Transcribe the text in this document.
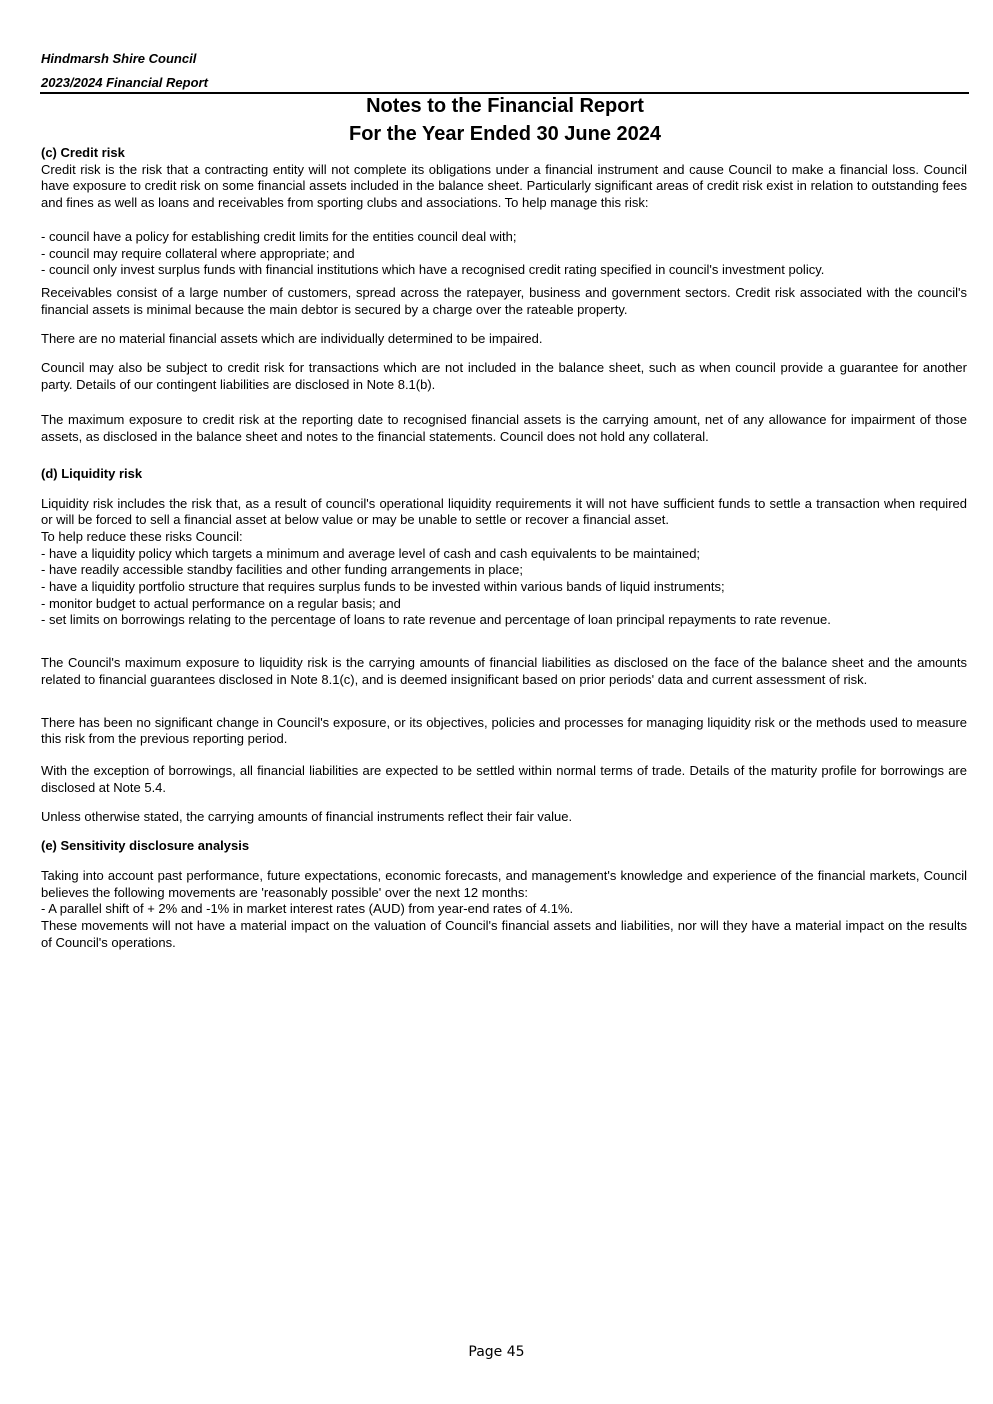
Hindmarsh Shire Council
2023/2024 Financial Report
Notes to the Financial Report
For the Year Ended 30 June 2024

(c) Credit risk

Credit risk is the risk that a contracting entity will not complete its obligations under a financial instrument and cause Council to make a financial loss. Council have exposure to credit risk on some financial assets included in the balance sheet. Particularly significant areas of credit risk exist in relation to outstanding fees and fines as well as loans and receivables from sporting clubs and associations. To help manage this risk:

- council have a policy for establishing credit limits for the entities council deal with;

- council may require collateral where appropriate; and

- council only invest surplus funds with financial institutions which have a recognised credit rating specified in council's investment policy.

Receivables consist of a large number of customers, spread across the ratepayer, business and government sectors. Credit risk associated with the council's financial assets is minimal because the main debtor is secured by a charge over the rateable property.

There are no material financial assets which are individually determined to be impaired.

Council may also be subject to credit risk for transactions which are not included in the balance sheet, such as when council provide a guarantee for another party. Details of our contingent liabilities are disclosed in Note 8.1(b).

The maximum exposure to credit risk at the reporting date to recognised financial assets is the carrying amount, net of any allowance for impairment of those assets, as disclosed in the balance sheet and notes to the financial statements. Council does not hold any collateral.

(d) Liquidity risk

Liquidity risk includes the risk that, as a result of council's operational liquidity requirements it will not have sufficient funds to settle a transaction when required or will be forced to sell a financial asset at below value or may be unable to settle or recover a financial asset.

To help reduce these risks Council:

- have a liquidity policy which targets a minimum and average level of cash and cash equivalents to be maintained;

- have readily accessible standby facilities and other funding arrangements in place;

- have a liquidity portfolio structure that requires surplus funds to be invested within various bands of liquid instruments;

- monitor budget to actual performance on a regular basis; and

- set limits on borrowings relating to the percentage of loans to rate revenue and percentage of loan principal repayments to rate revenue.

The Council's maximum exposure to liquidity risk is the carrying amounts of financial liabilities as disclosed on the face of the balance sheet and the amounts related to financial guarantees disclosed in Note 8.1(c), and is deemed insignificant based on prior periods' data and current assessment of risk.

There has been no significant change in Council's exposure, or its objectives, policies and processes for managing liquidity risk or the methods used to measure this risk from the previous reporting period.

With the exception of borrowings, all financial liabilities are expected to be settled within normal terms of trade. Details of the maturity profile for borrowings are disclosed at Note 5.4.

Unless otherwise stated, the carrying amounts of financial instruments reflect their fair value.

(e) Sensitivity disclosure analysis

Taking into account past performance, future expectations, economic forecasts, and management's knowledge and experience of the financial markets, Council believes the following movements are 'reasonably possible' over the next 12 months:

- A parallel shift of + 2% and -1% in market interest rates (AUD) from year-end rates of 4.1%.

These movements will not have a material impact on the valuation of Council's financial assets and liabilities, nor will they have a material impact on the results of Council's operations.

Page 45
